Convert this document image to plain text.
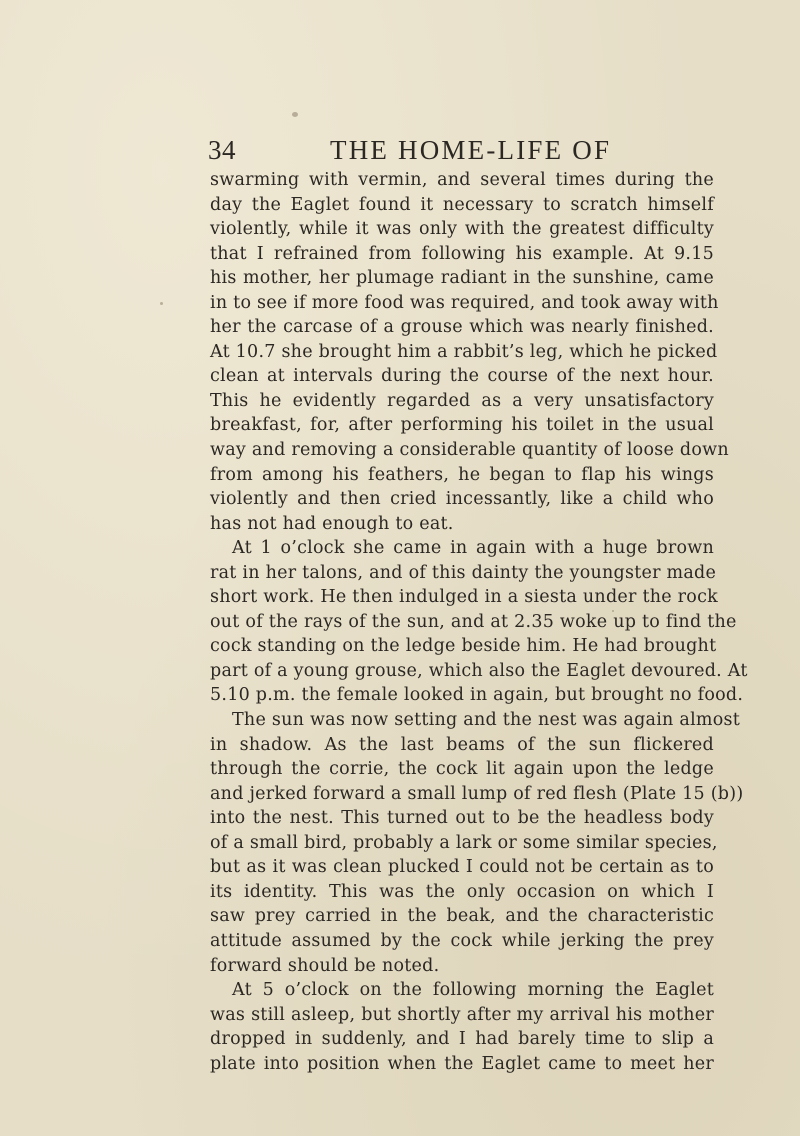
34	THE HOME-LIFE OF
swarming with vermin, and several times during the
day the Eaglet found it necessary to scratch himself
violently, while it was only with the greatest difficulty
that I refrained from following his example. At 9.15
his mother, her plumage radiant in the sunshine, came
in to see if more food was required, and took away with
her the carcase of a grouse which was nearly finished.
At 10.7 she brought him a rabbit’s leg, which he picked
clean at intervals during the course of the next hour.
This he evidently regarded as a very unsatisfactory
breakfast, for, after performing his toilet in the usual
way and removing a considerable quantity of loose down
from among his feathers, he began to flap his wings
violently and then cried incessantly, like a child who
has not had enough to eat.
At 1 o’clock she came in again with a huge brown
rat in her talons, and of this dainty the youngster made
short work. He then indulged in a siesta under the rock
out of the rays of the sun, and at 2.35 woke up to find the
cock standing on the ledge beside him. He had brought
part of a young grouse, which also the Eaglet devoured. At
5.10 p.m. the female looked in again, but brought no food.
The sun was now setting and the nest was again almost
in shadow. As the last beams of the sun flickered
through the corrie, the cock lit again upon the ledge
and jerked forward a small lump of red flesh (Plate 15 (b))
into the nest. This turned out to be the headless body
of a small bird, probably a lark or some similar species,
but as it was clean plucked I could not be certain as to
its identity. This was the only occasion on which I
saw prey carried in the beak, and the characteristic
attitude assumed by the cock while jerking the prey
forward should be noted.
At 5 o’clock on the following morning the Eaglet
was still asleep, but shortly after my arrival his mother
dropped in suddenly, and I had barely time to slip a
plate into position when the Eaglet came to meet her
